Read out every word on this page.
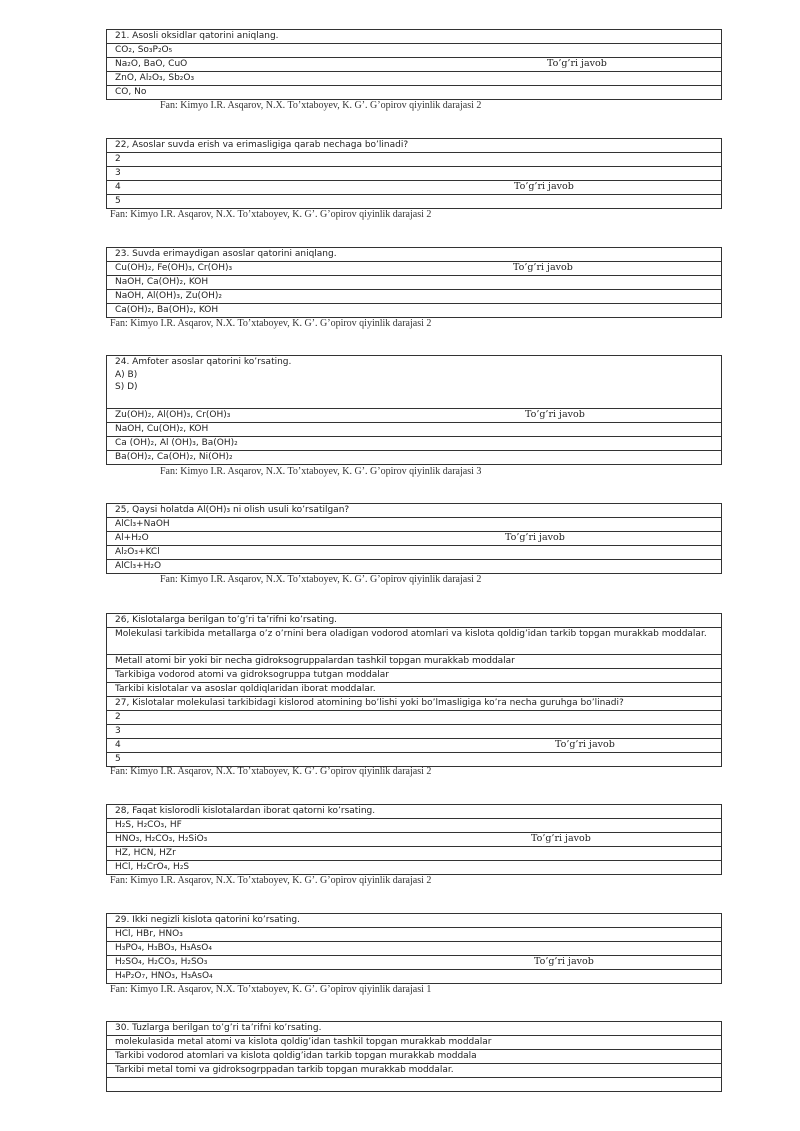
21. Asosli oksidlar qatorini aniqlang.
CO₂, So₃P₂O₅
Na₂O, BaO, CuO	To’g’ri javob

ZnO, Al₂O₃, Sb₂O₃
CO, No
Fan: Kimyo I.R. Asqarov, N.X. To’xtaboyev, K. G’. G’opirov qiyinlik darajasi 2
22, Asoslar suvda erish va erimasligiga qarab nechaga bo’linadi?
2
3
4	To’g’ri javob

5
Fan: Kimyo I.R. Asqarov, N.X. To’xtaboyev, K. G’. G’opirov qiyinlik darajasi 2
23. Suvda erimaydigan asoslar qatorini aniqlang.
Cu(OH)₂, Fe(OH)₃, Cr(OH)₃	To’g’ri javob

NaOH, Ca(OH)₂, KOH
NaOH, Al(OH)₃, Zu(OH)₂
Ca(OH)₂, Ba(OH)₂, KOH
Fan: Kimyo I.R. Asqarov, N.X. To’xtaboyev, K. G’. G’opirov qiyinlik darajasi 2
24. Amfoter asoslar qatorini ko’rsating.
A) B)
S) D)

Zu(OH)₂, Al(OH)₃, Cr(OH)₃	To’g’ri javob

NaOH, Cu(OH)₂, KOH
Ca (OH)₂, Al (OH)₃, Ba(OH)₂
Ba(OH)₂, Ca(OH)₂, Ni(OH)₂
Fan: Kimyo I.R. Asqarov, N.X. To’xtaboyev, K. G’. G’opirov qiyinlik darajasi 3
25, Qaysi holatda Al(OH)₃ ni olish usuli ko’rsatilgan?
AlCl₃+NaOH
Al+H₂O	To’g’ri javob

Al₂O₃+KCl
AlCl₃+H₂O
Fan: Kimyo I.R. Asqarov, N.X. To’xtaboyev, K. G’. G’opirov qiyinlik darajasi 2
26, Kislotalarga berilgan to’g’ri ta’rifni ko’rsating.
Molekulasi tarkibida metallarga o’z o’rnini bera oladigan vodorod atomlari va kislota qoldig’idan tarkib topgan murakkab moddalar.
Metall atomi bir yoki bir necha gidroksogruppalardan tashkil topgan murakkab moddalar
Tarkibiga vodorod atomi va gidroksogruppa tutgan moddalar
Tarkibi kislotalar va asoslar qoldiqlaridan iborat moddalar.
27, Kislotalar molekulasi tarkibidagi kislorod atomining bo’lishi yoki bo’lmasligiga ko’ra necha guruhga bo’linadi?
2
3
4	To’g’ri javob

5
Fan: Kimyo I.R. Asqarov, N.X. To’xtaboyev, K. G’. G’opirov qiyinlik darajasi 2
28, Faqat kislorodli kislotalardan iborat qatorni ko’rsating.
H₂S, H₂CO₃, HF
HNO₃, H₂CO₃, H₂SiO₃	To’g’ri javob

HZ, HCN, HZr
HCl, H₂CrO₄, H₂S
Fan: Kimyo I.R. Asqarov, N.X. To’xtaboyev, K. G’. G’opirov qiyinlik darajasi 2
29. Ikki negizli kislota qatorini ko’rsating.
HCl, HBr, HNO₃
H₃PO₄, H₃BO₃, H₃AsO₄
H₂SO₄, H₂CO₃, H₂SO₃	To’g’ri javob

H₄P₂O₇, HNO₃, H₃AsO₄
Fan: Kimyo I.R. Asqarov, N.X. To’xtaboyev, K. G’. G’opirov qiyinlik darajasi 1
30. Tuzlarga berilgan to’g’ri ta’rifni ko’rsating.
molekulasida metal atomi va kislota qoldig’idan tashkil topgan murakkab moddalar
Tarkibi vodorod atomlari va kislota qoldig’idan tarkib topgan murakkab moddala
Tarkibi metal tomi va gidroksogrppadan tarkib topgan murakkab moddalar.
